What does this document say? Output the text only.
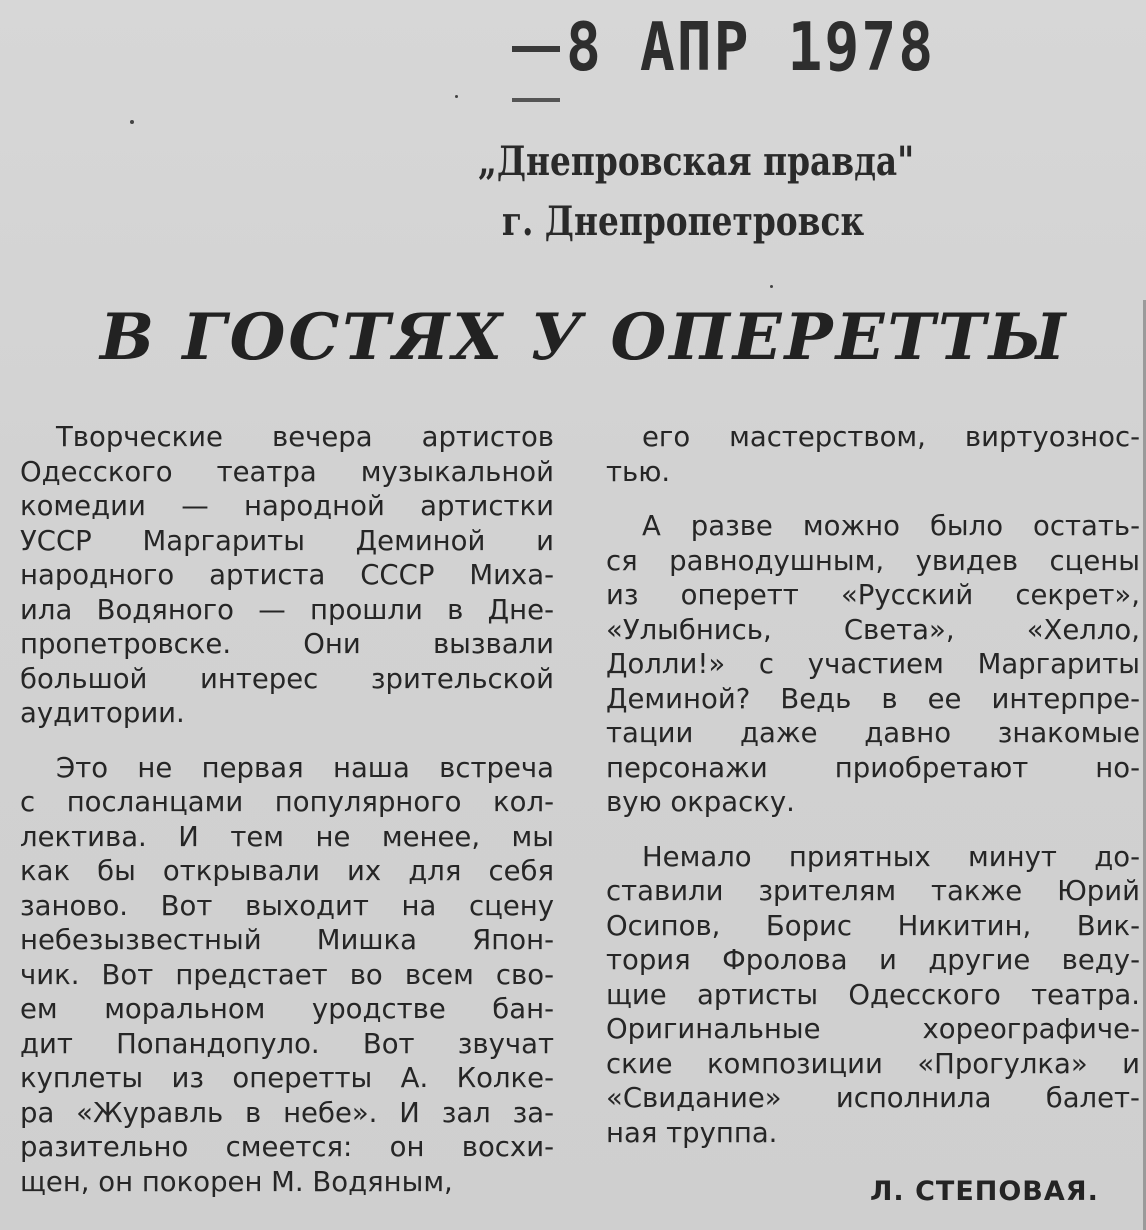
8 АПР 1978
„Днепровская правда"
г. Днепропетровск
В ГОСТЯХ У ОПЕРЕТТЫ
Творческие вечера артистов
Одесского театра музыкальной
комедии — народной артистки
УССР Маргариты Деминой и
народного артиста СССР Миха-
ила Водяного — прошли в Дне-
пропетровске. Они вызвали
большой интерес зрительской
аудитории.
Это не первая наша встреча
с посланцами популярного кол-
лектива. И тем не менее, мы
как бы открывали их для себя
заново. Вот выходит на сцену
небезызвестный Мишка Япон-
чик. Вот предстает во всем сво-
ем моральном уродстве бан-
дит Попандопуло. Вот звучат
куплеты из оперетты А. Колке-
ра «Журавль в небе». И зал за-
разительно смеется: он восхи-
щен, он покорен М. Водяным,
его мастерством, виртуознос-
тью.
А разве можно было остать-
ся равнодушным, увидев сцены
из оперетт «Русский секрет»,
«Улыбнись, Света», «Хелло,
Долли!» с участием Маргариты
Деминой? Ведь в ее интерпре-
тации даже давно знакомые
персонажи приобретают но-
вую окраску.
Немало приятных минут до-
ставили зрителям также Юрий
Осипов, Борис Никитин, Вик-
тория Фролова и другие веду-
щие артисты Одесского театра.
Оригинальные хореографиче-
ские композиции «Прогулка» и
«Свидание» исполнила балет-
ная труппа.
Л. СТЕПОВАЯ.
